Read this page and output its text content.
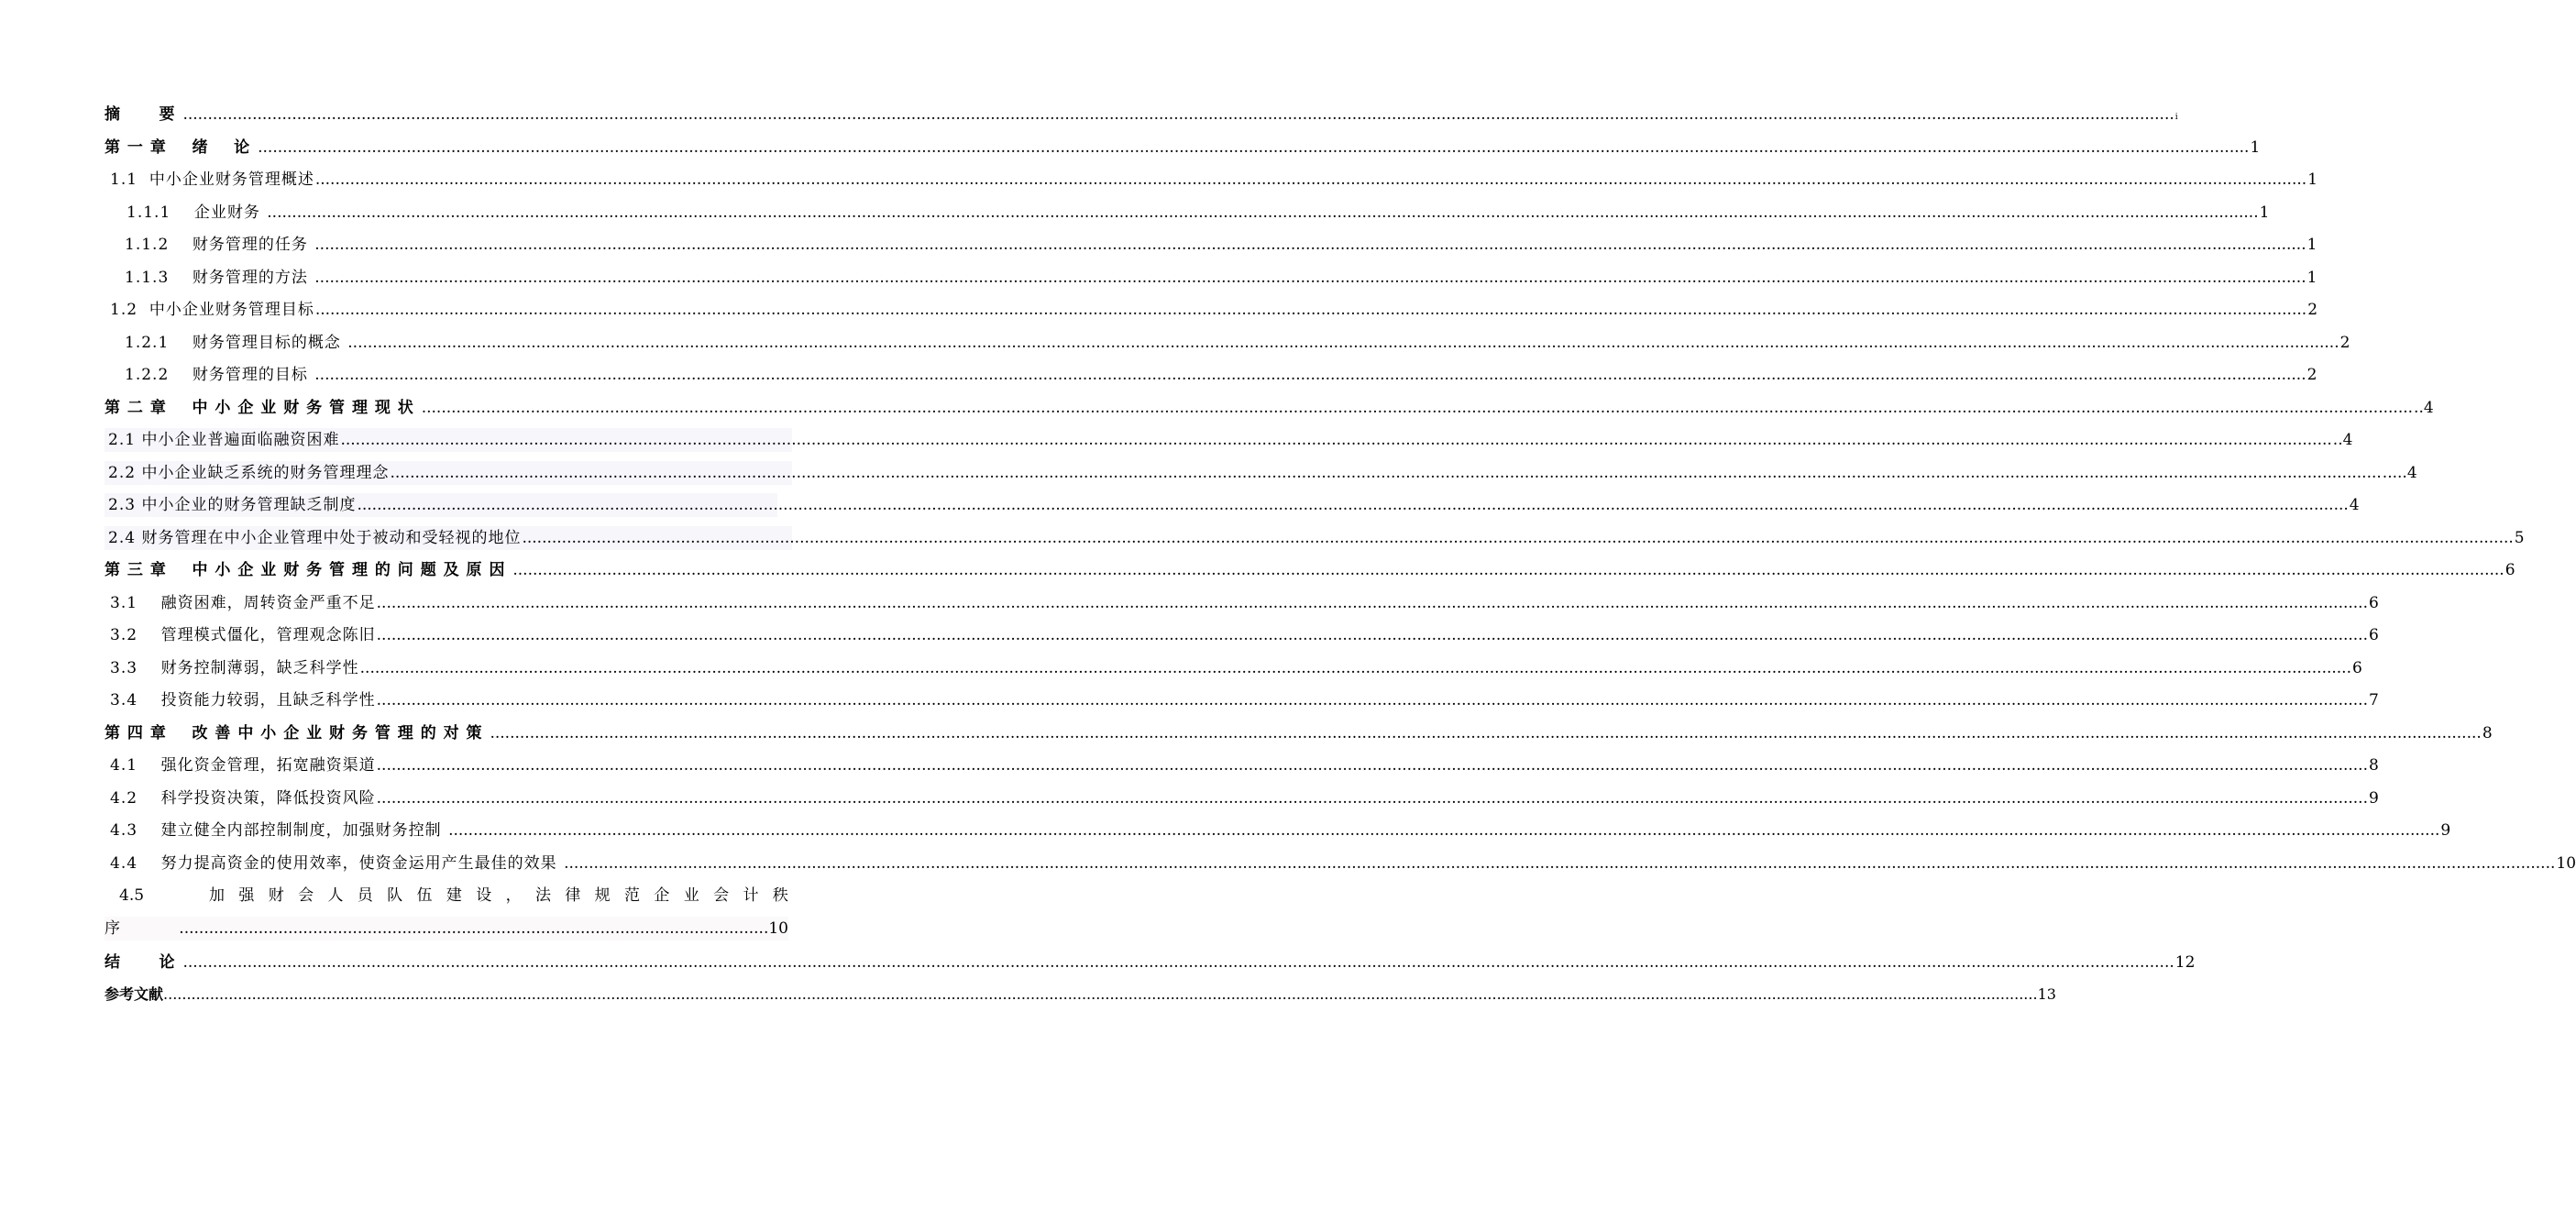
摘      要 .....	i
第 一 章    绪    论 .....	1
1.1 中小企业财务管理概述 .....	1
1.1.1 企业财务 .....	1
1.1.2 财务管理的任务 .....	1
1.1.3 财务管理的方法 .....	1
1.2 中小企业财务管理目标 .....	2
1.2.1 财务管理目标的概念 .....	2
1.2.2 财务管理的目标 .....	2
第 二 章 中 小 企 业 财 务 管 理 现 状 .....	..4
2.1 中小企业普遍面临融资困难 .....	..4
2.2 中小企业缺乏系统的财务管理理念 .....	.....4
2.3 中小企业的财务管理缺乏制度 .....	4
2.4 财务管理在中小企业管理中处于被动和受轻视的地位 .....	5
第 三 章 中 小 企 业 财 务 管 理 的 问 题 及 原 因 .....	6
3.1 融资困难，周转资金严重不足 .....	6
3.2 管理模式僵化，管理观念陈旧 .....	6
3.3 财务控制薄弱，缺乏科学性 .....	6
3.4 投资能力较弱，且缺乏科学性 .....	7
第 四 章 改 善 中 小 企 业 财 务 管 理 的 对 策 .....	8
4.1 强化资金管理，拓宽融资渠道 .....	8
4.2 科学投资决策，降低投资风险 .....	9
4.3 建立健全内部控制制度，加强财务控制 .....	9
4.4 努力提高资金的使用效率，使资金运用产生最佳的效果 .....	10
4.5	加 强 财 会 人 员 队 伍 建 设 ， 法 律 规 范 企 业 会 计 秩
序	....................................................................................................................... 10
结      论 .....	12
参考文献 .....	13
